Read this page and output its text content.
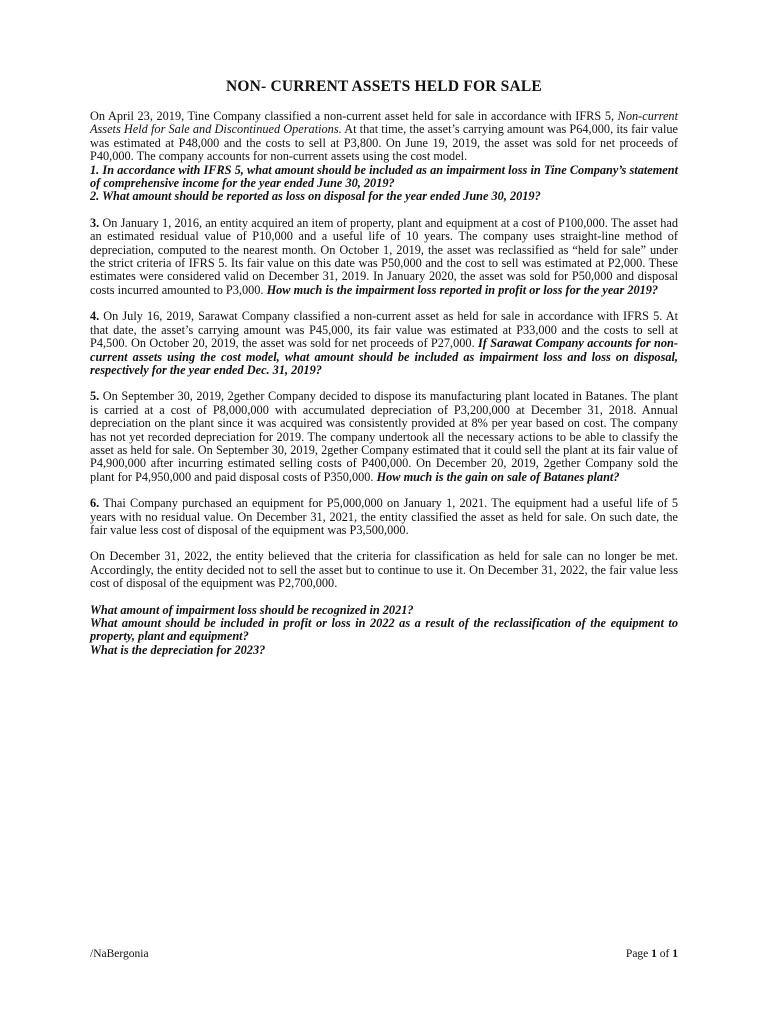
NON- CURRENT ASSETS HELD FOR SALE

On April 23, 2019, Tine Company classified a non-current asset held for sale in accordance with IFRS 5, Non-current Assets Held for Sale and Discontinued Operations. At that time, the asset’s carrying amount was P64,000, its fair value was estimated at P48,000 and the costs to sell at P3,800. On June 19, 2019, the asset was sold for net proceeds of P40,000. The company accounts for non-current assets using the cost model.

1. In accordance with IFRS 5, what amount should be included as an impairment loss in Tine Company’s statement of comprehensive income for the year ended June 30, 2019?

2. What amount should be reported as loss on disposal for the year ended June 30, 2019?

3. On January 1, 2016, an entity acquired an item of property, plant and equipment at a cost of P100,000. The asset had an estimated residual value of P10,000 and a useful life of 10 years. The company uses straight-line method of depreciation, computed to the nearest month. On October 1, 2019, the asset was reclassified as “held for sale” under the strict criteria of IFRS 5. Its fair value on this date was P50,000 and the cost to sell was estimated at P2,000. These estimates were considered valid on December 31, 2019. In January 2020, the asset was sold for P50,000 and disposal costs incurred amounted to P3,000. How much is the impairment loss reported in profit or loss for the year 2019?

4. On July 16, 2019, Sarawat Company classified a non-current asset as held for sale in accordance with IFRS 5. At that date, the asset’s carrying amount was P45,000, its fair value was estimated at P33,000 and the costs to sell at P4,500. On October 20, 2019, the asset was sold for net proceeds of P27,000. If Sarawat Company accounts for non-current assets using the cost model, what amount should be included as impairment loss and loss on disposal, respectively for the year ended Dec. 31, 2019?

5. On September 30, 2019, 2gether Company decided to dispose its manufacturing plant located in Batanes. The plant is carried at a cost of P8,000,000 with accumulated depreciation of P3,200,000 at December 31, 2018. Annual depreciation on the plant since it was acquired was consistently provided at 8% per year based on cost. The company has not yet recorded depreciation for 2019. The company undertook all the necessary actions to be able to classify the asset as held for sale. On September 30, 2019, 2gether Company estimated that it could sell the plant at its fair value of P4,900,000 after incurring estimated selling costs of P400,000. On December 20, 2019, 2gether Company sold the plant for P4,950,000 and paid disposal costs of P350,000. How much is the gain on sale of Batanes plant?

6. Thai Company purchased an equipment for P5,000,000 on January 1, 2021. The equipment had a useful life of 5 years with no residual value. On December 31, 2021, the entity classified the asset as held for sale. On such date, the fair value less cost of disposal of the equipment was P3,500,000.

On December 31, 2022, the entity believed that the criteria for classification as held for sale can no longer be met. Accordingly, the entity decided not to sell the asset but to continue to use it. On December 31, 2022, the fair value less cost of disposal of the equipment was P2,700,000.

What amount of impairment loss should be recognized in 2021?

What amount should be included in profit or loss in 2022 as a result of the reclassification of the equipment to property, plant and equipment?

What is the depreciation for 2023?

/NaBergonia	Page 1 of 1
